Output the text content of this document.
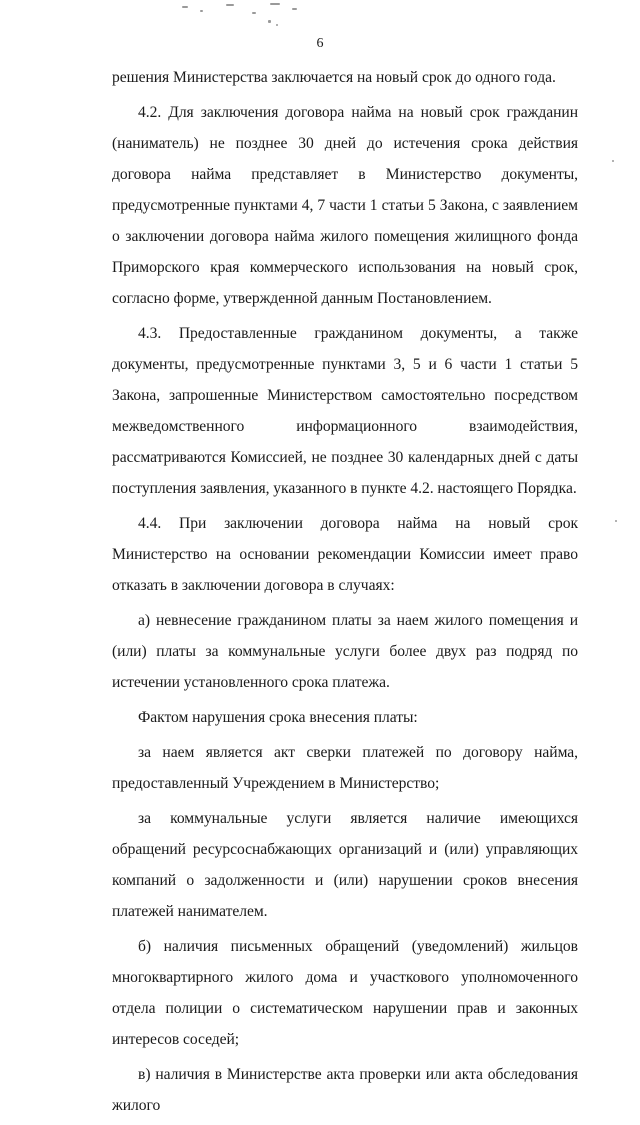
6

решения Министерства заключается на новый срок до одного года.

4.2. Для заключения договора найма на новый срок гражданин (наниматель) не позднее 30 дней до истечения срока действия договора найма представляет в Министерство документы, предусмотренные пунктами 4, 7 части 1 статьи 5 Закона, с заявлением о заключении договора найма жилого помещения жилищного фонда Приморского края коммерческого использования на новый срок, согласно форме, утвержденной данным Постановлением.

4.3. Предоставленные гражданином документы, а также документы, предусмотренные пунктами 3, 5 и 6 части 1 статьи 5 Закона, запрошенные Министерством самостоятельно посредством межведомственного информационного взаимодействия, рассматриваются Комиссией, не позднее 30 календарных дней с даты поступления заявления, указанного в пункте 4.2. настоящего Порядка.

4.4. При заключении договора найма на новый срок Министерство на основании рекомендации Комиссии имеет право отказать в заключении договора в случаях:

а) невнесение гражданином платы за наем жилого помещения и (или) платы за коммунальные услуги более двух раз подряд по истечении установленного срока платежа.

Фактом нарушения срока внесения платы:

за наем является акт сверки платежей по договору найма, предоставленный Учреждением в Министерство;

за коммунальные услуги является наличие имеющихся обращений ресурсоснабжающих организаций и (или) управляющих компаний о задолженности и (или) нарушении сроков внесения платежей нанимателем.

б) наличия письменных обращений (уведомлений) жильцов многоквартирного жилого дома и участкового уполномоченного отдела полиции о систематическом нарушении прав и законных интересов соседей;

в) наличия в Министерстве акта проверки или акта обследования жилого
